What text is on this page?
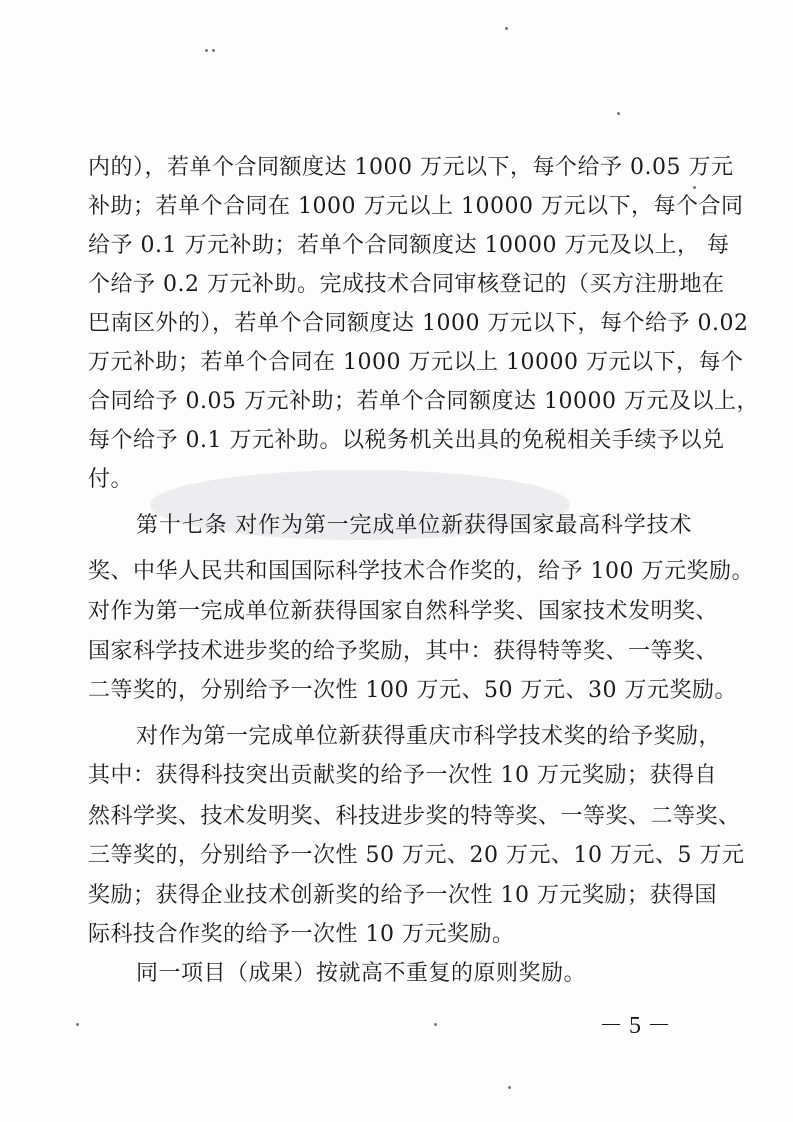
内的），若单个合同额度达 1000 万元以下，每个给予 0.05 万元
补助；若单个合同在 1000 万元以上 10000 万元以下，每个合同
给予 0.1 万元补助；若单个合同额度达 10000 万元及以上， 每
个给予 0.2 万元补助。完成技术合同审核登记的（买方注册地在
巴南区外的），若单个合同额度达 1000 万元以下，每个给予 0.02
万元补助；若单个合同在 1000 万元以上 10000 万元以下，每个
合同给予 0.05 万元补助；若单个合同额度达 10000 万元及以上，
每个给予 0.1 万元补助。以税务机关出具的免税相关手续予以兑
付。
第十七条 对作为第一完成单位新获得国家最高科学技术
奖、中华人民共和国国际科学技术合作奖的，给予 100 万元奖励。
对作为第一完成单位新获得国家自然科学奖、国家技术发明奖、
国家科学技术进步奖的给予奖励，其中：获得特等奖、一等奖、
二等奖的，分别给予一次性 100 万元、50 万元、30 万元奖励。
对作为第一完成单位新获得重庆市科学技术奖的给予奖励，
其中：获得科技突出贡献奖的给予一次性 10 万元奖励；获得自
然科学奖、技术发明奖、科技进步奖的特等奖、一等奖、二等奖、
三等奖的，分别给予一次性 50 万元、20 万元、10 万元、5 万元
奖励；获得企业技术创新奖的给予一次性 10 万元奖励；获得国
际科技合作奖的给予一次性 10 万元奖励。
同一项目（成果）按就高不重复的原则奖励。
－ 5 －
